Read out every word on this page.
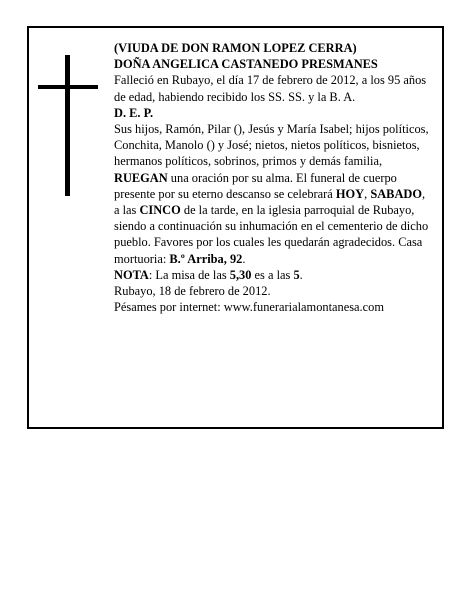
(VIUDA DE DON RAMON LOPEZ CERRA)

DOÑA ANGELICA CASTANEDO PRESMANES

Falleció en Rubayo, el día 17 de febrero de 2012, a los 95 años de edad, habiendo recibido los SS. SS. y la B. A.

D. E. P.

Sus hijos, Ramón, Pilar (), Jesús y María Isabel; hijos políticos, Conchita, Manolo () y José; nietos, nietos políticos, bisnietos, hermanos políticos, sobrinos, primos y demás familia,

RUEGAN una oración por su alma. El funeral de cuerpo presente por su eterno descanso se celebrará HOY, SABADO, a las CINCO de la tarde, en la iglesia parroquial de Rubayo, siendo a continuación su inhumación en el cementerio de dicho pueblo. Favores por los cuales les quedarán agradecidos. Casa mortuoria: B.º Arriba, 92.

NOTA: La misa de las 5,30 es a las 5.

Rubayo, 18 de febrero de 2012.

Pésames por internet: www.funerarialamontanesa.com
